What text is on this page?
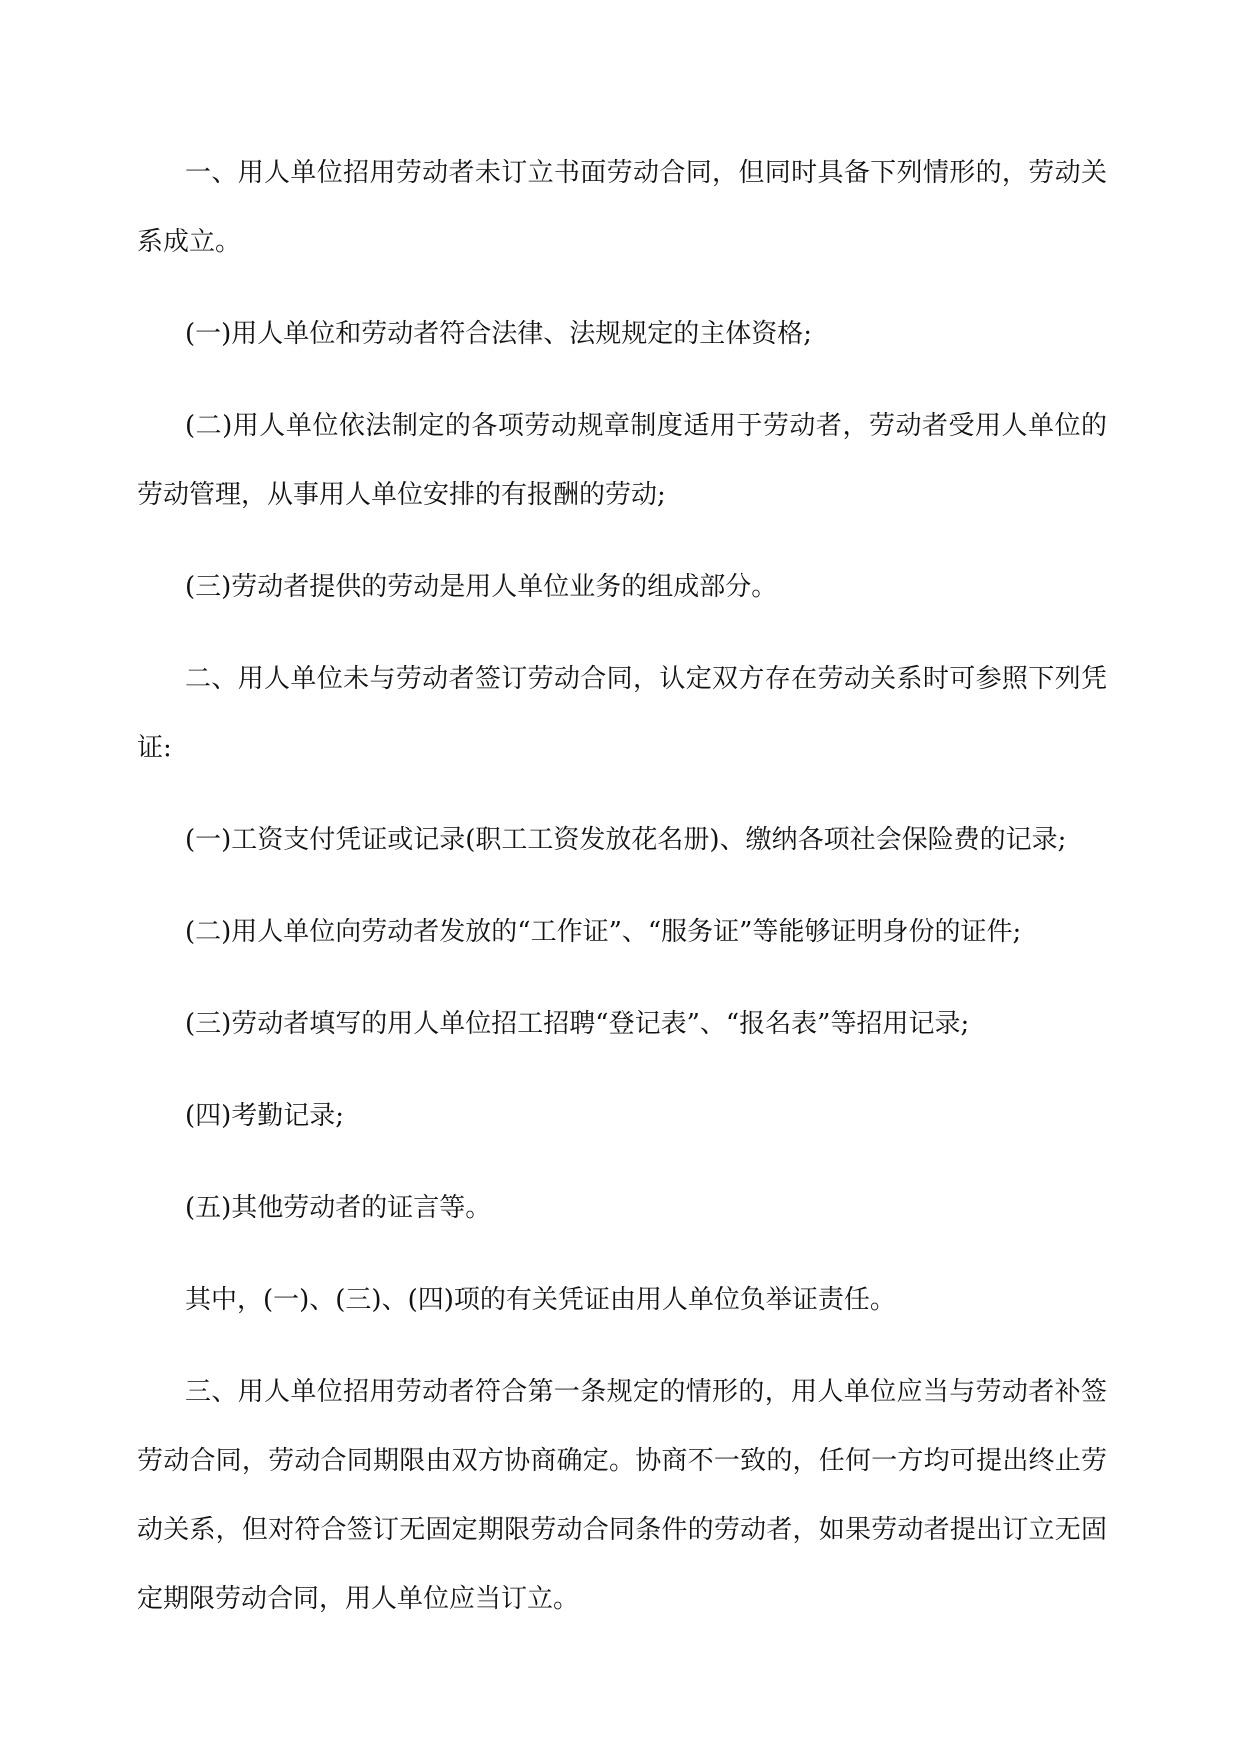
一、用人单位招用劳动者未订立书面劳动合同，但同时具备下列情形的，劳动关系成立。

(一)用人单位和劳动者符合法律、法规规定的主体资格;

(二)用人单位依法制定的各项劳动规章制度适用于劳动者，劳动者受用人单位的劳动管理，从事用人单位安排的有报酬的劳动;

(三)劳动者提供的劳动是用人单位业务的组成部分。

二、用人单位未与劳动者签订劳动合同，认定双方存在劳动关系时可参照下列凭证:

(一)工资支付凭证或记录(职工工资发放花名册)、缴纳各项社会保险费的记录;

(二)用人单位向劳动者发放的“工作证”、“服务证”等能够证明身份的证件;

(三)劳动者填写的用人单位招工招聘“登记表”、“报名表”等招用记录;

(四)考勤记录;

(五)其他劳动者的证言等。

其中，(一)、(三)、(四)项的有关凭证由用人单位负举证责任。

三、用人单位招用劳动者符合第一条规定的情形的，用人单位应当与劳动者补签劳动合同，劳动合同期限由双方协商确定。协商不一致的，任何一方均可提出终止劳动关系，但对符合签订无固定期限劳动合同条件的劳动者，如果劳动者提出订立无固定期限劳动合同，用人单位应当订立。
